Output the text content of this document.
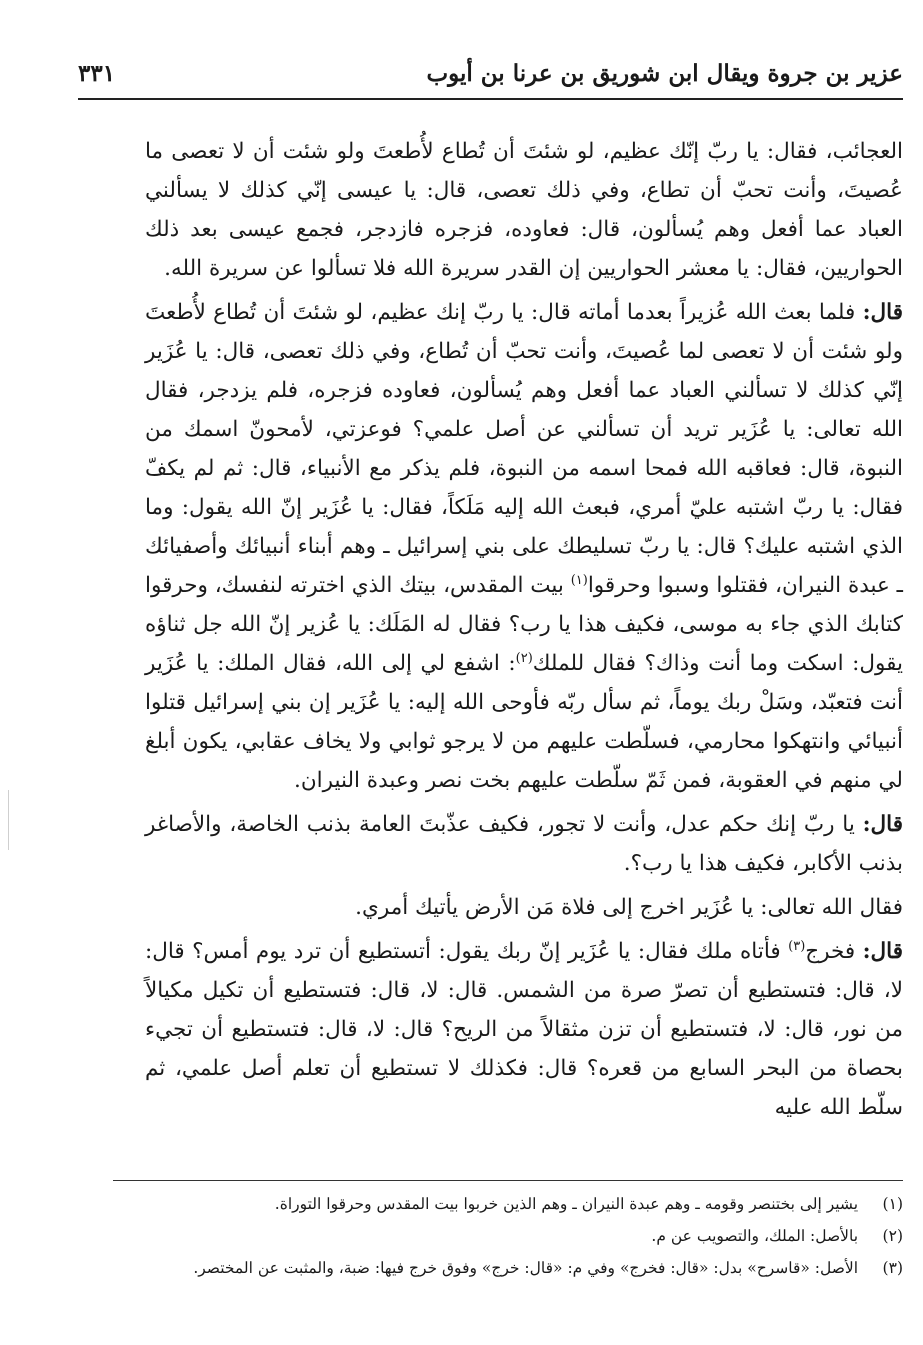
عزير بن جروة ويقال ابن شوريق بن عرنا بن أيوب
٣٣١

العجائب، فقال: يا ربّ إنّك عظيم، لو شئتَ أن تُطاع لأُطعتَ ولو شئت أن لا تعصى ما عُصيتَ، وأنت تحبّ أن تطاع، وفي ذلك تعصى، قال: يا عيسى إنّي كذلك لا يسألني العباد عما أفعل وهم يُسألون، قال: فعاوده، فزجره فازدجر، فجمع عيسى بعد ذلك الحواريين، فقال: يا معشر الحواريين إن القدر سريرة الله فلا تسألوا عن سريرة الله.

قال: فلما بعث الله عُزيراً بعدما أماته قال: يا ربّ إنك عظيم، لو شئتَ أن تُطاع لأُطعتَ ولو شئت أن لا تعصى لما عُصيتَ، وأنت تحبّ أن تُطاع، وفي ذلك تعصى، قال: يا عُزَير إنّي كذلك لا تسألني العباد عما أفعل وهم يُسألون، فعاوده فزجره، فلم يزدجر، فقال الله تعالى: يا عُزَير تريد أن تسألني عن أصل علمي؟ فوعزتي، لأمحونّ اسمك من النبوة، قال: فعاقبه الله فمحا اسمه من النبوة، فلم يذكر مع الأنبياء، قال: ثم لم يكفّ فقال: يا ربّ اشتبه عليّ أمري، فبعث الله إليه مَلَكاً، فقال: يا عُزَير إنّ الله يقول: وما الذي اشتبه عليك؟ قال: يا ربّ تسليطك على بني إسرائيل ـ وهم أبناء أنبيائك وأصفيائك ـ عبدة النيران، فقتلوا وسبوا وحرقوا$^{(١)}$ بيت المقدس، بيتك الذي اخترته لنفسك، وحرقوا كتابك الذي جاء به موسى، فكيف هذا يا رب؟ فقال له المَلَك: يا عُزير إنّ الله جل ثناؤه يقول: اسكت وما أنت وذاك؟ فقال للملك$^{(٢)}$: اشفع لي إلى الله، فقال الملك: يا عُزَير أنت فتعبّد، وسَلْ ربك يوماً، ثم سأل ربّه فأوحى الله إليه: يا عُزَير إن بني إسرائيل قتلوا أنبيائي وانتهكوا محارمي، فسلّطت عليهم من لا يرجو ثوابي ولا يخاف عقابي، يكون أبلغ لي منهم في العقوبة، فمن ثَمّ سلّطت عليهم بخت نصر وعبدة النيران.

قال: يا ربّ إنك حكم عدل، وأنت لا تجور، فكيف عذّبتَ العامة بذنب الخاصة، والأصاغر بذنب الأكابر، فكيف هذا يا رب؟.

فقال الله تعالى: يا عُزَير اخرج إلى فلاة مَن الأرض يأتيك أمري.

قال: فخرج$^{(٣)}$ فأتاه ملك فقال: يا عُزَير إنّ ربك يقول: أتستطيع أن ترد يوم أمس؟ قال: لا، قال: فتستطيع أن تصرّ صرة من الشمس. قال: لا، قال: فتستطيع أن تكيل مكيالاً من نور، قال: لا، فتستطيع أن تزن مثقالاً من الريح؟ قال: لا، قال: فتستطيع أن تجيء بحصاة من البحر السابع من قعره؟ قال: فكذلك لا تستطيع أن تعلم أصل علمي، ثم سلّط الله عليه

(١) يشير إلى بختنصر وقومه ـ وهم عبدة النيران ـ وهم الذين خربوا بيت المقدس وحرقوا التوراة.
(٢) بالأصل: الملك، والتصويب عن م.
(٣) الأصل: «قاسرح» بدل: «قال: فخرج» وفي م: «قال: خرج» وفوق خرج فيها: ضبة، والمثبت عن المختصر.
